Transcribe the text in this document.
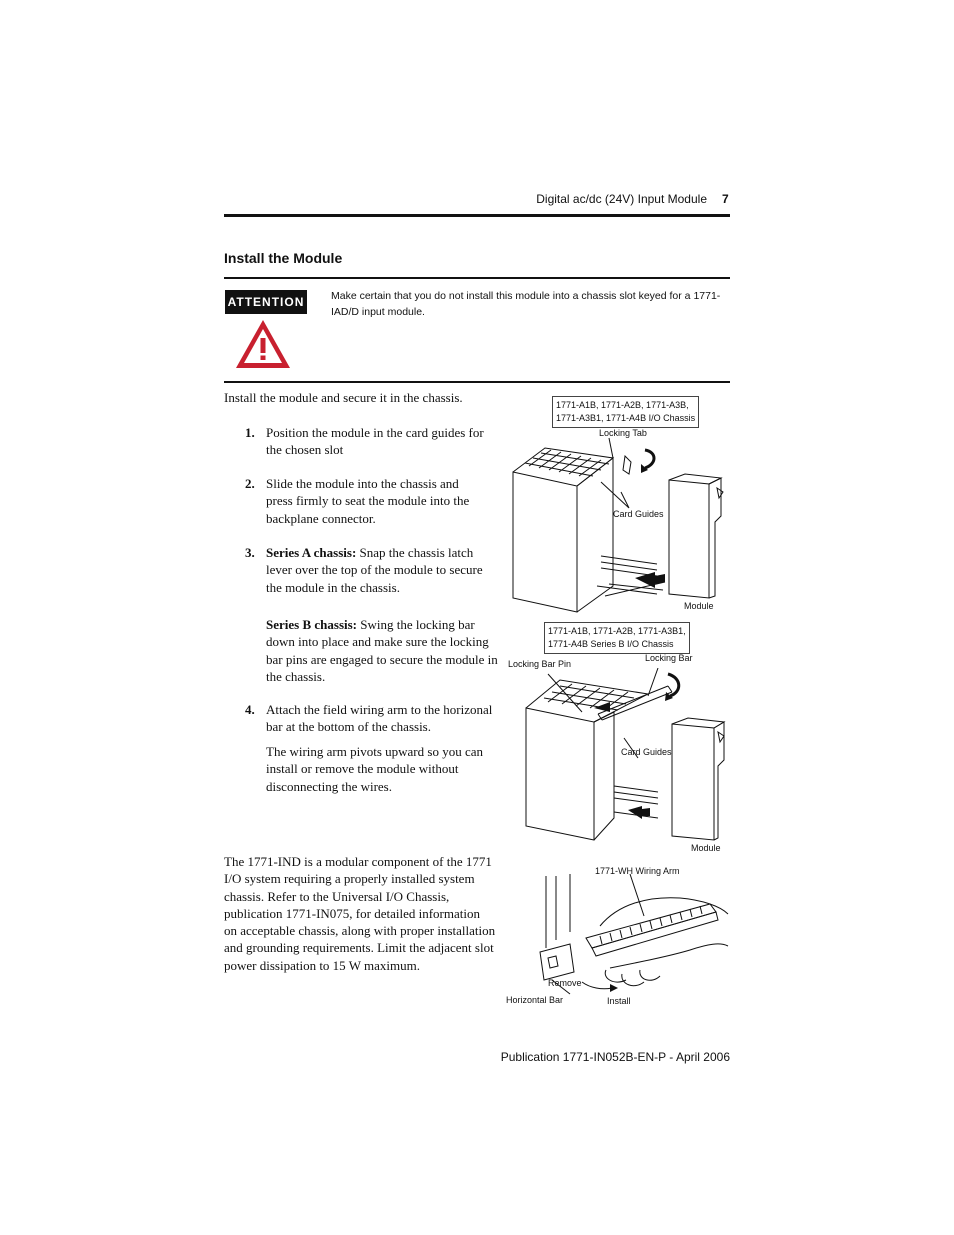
Digital ac/dc (24V) Input Module 7
Install the Module
ATTENTION	Make certain that you do not install this module into a chassis slot keyed for a 1771-IAD/D input module.
Install the module and secure it in the chassis.
1. Position the module in the card guides for the chosen slot
2. Slide the module into the chassis and press firmly to seat the module into the backplane connector.
3. Series A chassis: Snap the chassis latch lever over the top of the module to secure the module in the chassis.
Series B chassis: Swing the locking bar down into place and make sure the locking bar pins are engaged to secure the module in the chassis.
4. Attach the field wiring arm to the horizonal bar at the bottom of the chassis.
The wiring arm pivots upward so you can install or remove the module without disconnecting the wires.
The 1771-IND is a modular component of the 1771 I/O system requiring a properly installed system chassis. Refer to the Universal I/O Chassis, publication 1771-IN075, for detailed information on acceptable chassis, along with proper installation and grounding requirements. Limit the adjacent slot power dissipation to 15 W maximum.
1771-A1B, 1771-A2B, 1771-A3B,
1771-A3B1, 1771-A4B I/O Chassis
Locking Tab
Card Guides
Module
1771-A1B, 1771-A2B, 1771-A3B1,
1771-A4B Series B I/O Chassis
Locking Bar Pin
Locking Bar
Card Guides
Module
1771-WH Wiring Arm
Remove
Horizontal Bar	Install
Publication 1771-IN052B-EN-P - April 2006
